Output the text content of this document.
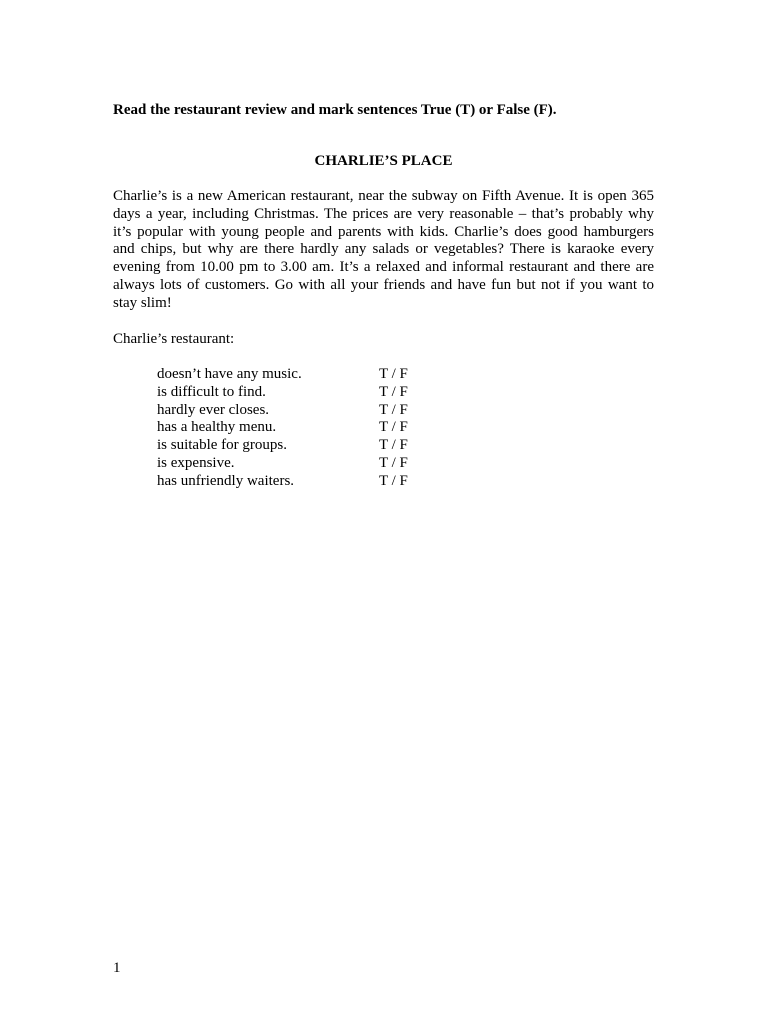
Read the restaurant review and mark sentences True (T) or False (F).

CHARLIE’S PLACE

Charlie’s is a new American restaurant, near the subway on Fifth Avenue. It is open 365 days a year, including Christmas. The prices are very reasonable – that’s probably why it’s popular with young people and parents with kids. Charlie’s does good hamburgers and chips, but why are there hardly any salads or vegetables? There is karaoke every evening from 10.00 pm to 3.00 am. It’s a relaxed and informal restaurant and there are always lots of customers. Go with all your friends and have fun but not if you want to stay slim!

Charlie’s restaurant:

doesn’t have any music.	T / F
is difficult to find.	T / F
hardly ever closes.	T / F
has a healthy menu.	T / F
is suitable for groups.	T / F
is expensive.	T / F
has unfriendly waiters.	T / F
1
